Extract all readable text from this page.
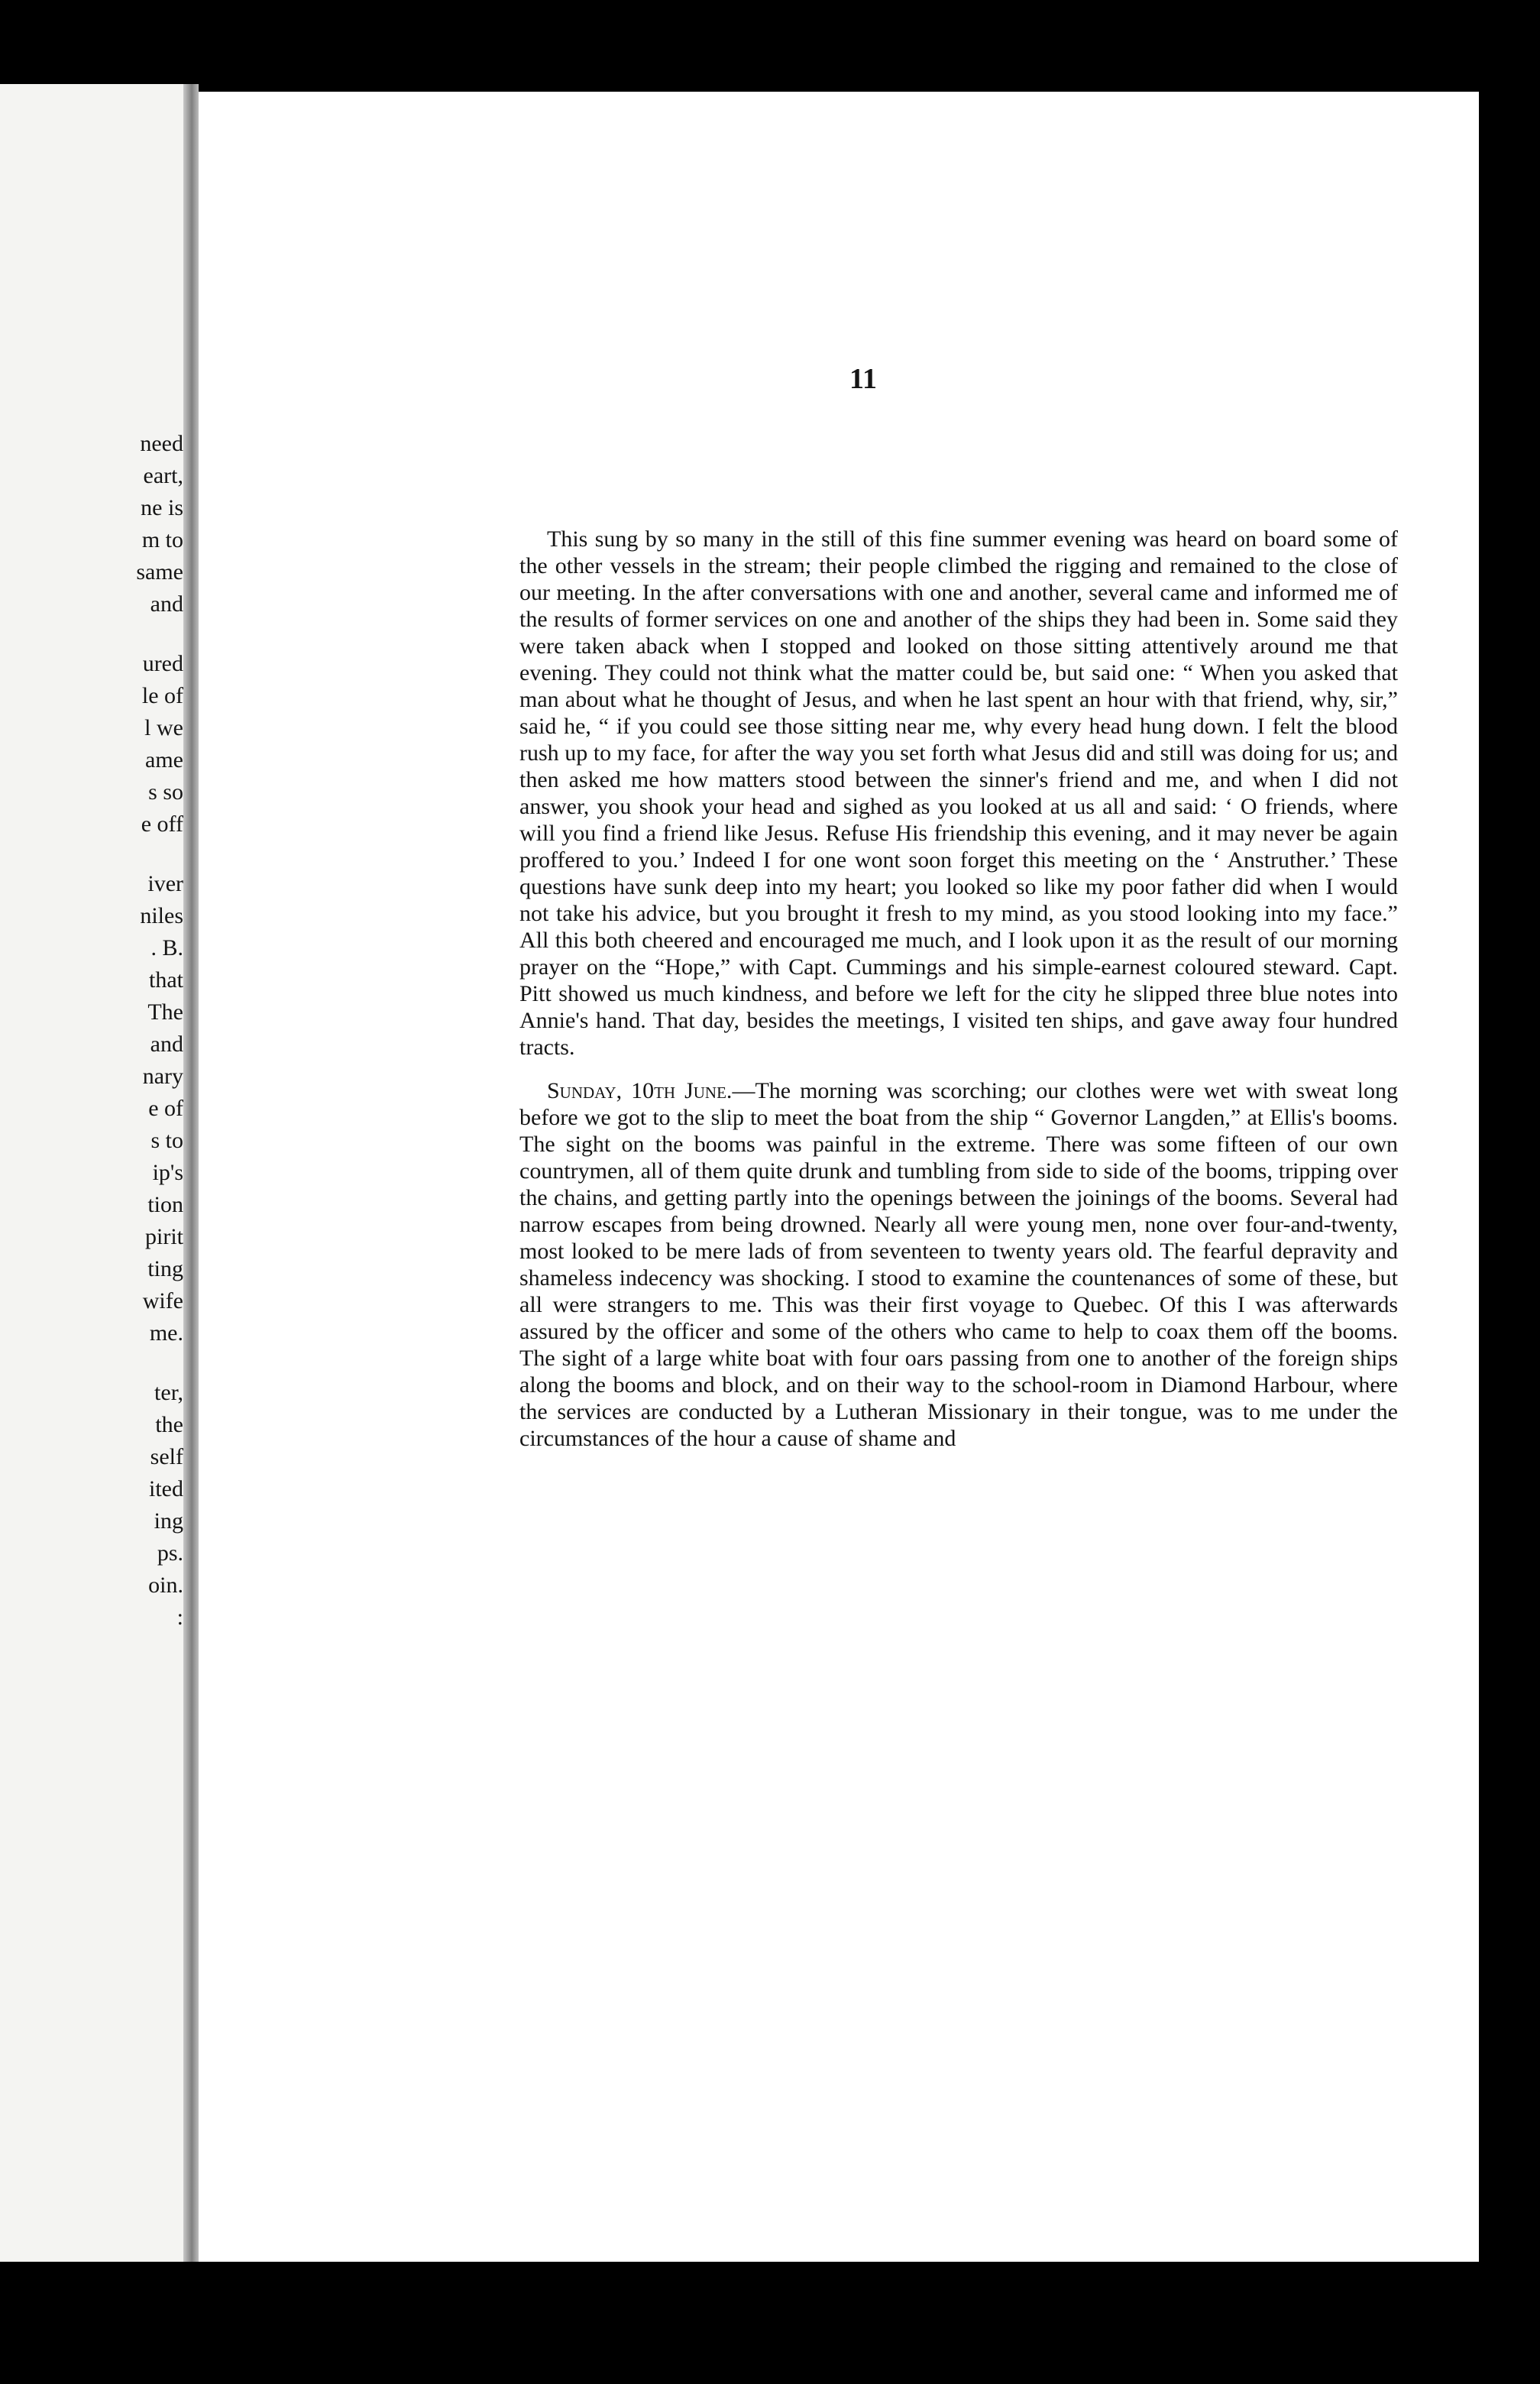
need
eart,
ne is
m to
same
and
ured
le of
l we
ame
s so
e off
iver
niles
. B.
that
The
and
nary
e of
s to
ip's
tion
pirit
ting
wife
me.
ter,
the
self
ited
ing
ps.
oin.
:
11

This sung by so many in the still of this fine summer evening was heard on board some of the other vessels in the stream; their people climbed the rigging and remained to the close of our meeting. In the after conversations with one and another, several came and informed me of the results of former services on one and another of the ships they had been in. Some said they were taken aback when I stopped and looked on those sitting attentively around me that evening. They could not think what the matter could be, but said one: “ When you asked that man about what he thought of Jesus, and when he last spent an hour with that friend, why, sir,” said he, “ if you could see those sitting near me, why every head hung down. I felt the blood rush up to my face, for after the way you set forth what Jesus did and still was doing for us; and then asked me how matters stood between the sinner's friend and me, and when I did not answer, you shook your head and sighed as you looked at us all and said: ‘ O friends, where will you find a friend like Jesus. Refuse His friendship this evening, and it may never be again proffered to you.’ Indeed I for one wont soon forget this meeting on the ‘ Anstruther.’ These questions have sunk deep into my heart; you looked so like my poor father did when I would not take his advice, but you brought it fresh to my mind, as you stood looking into my face.” All this both cheered and encouraged me much, and I look upon it as the result of our morning prayer on the “Hope,” with Capt. Cummings and his simple-earnest coloured steward. Capt. Pitt showed us much kindness, and before we left for the city he slipped three blue notes into Annie's hand. That day, besides the meetings, I visited ten ships, and gave away four hundred tracts.

Sunday, 10th June.—The morning was scorching; our clothes were wet with sweat long before we got to the slip to meet the boat from the ship “ Governor Langden,” at Ellis's booms. The sight on the booms was painful in the extreme. There was some fifteen of our own countrymen, all of them quite drunk and tumbling from side to side of the booms, tripping over the chains, and getting partly into the openings between the joinings of the booms. Several had narrow escapes from being drowned. Nearly all were young men, none over four-and-twenty, most looked to be mere lads of from seventeen to twenty years old. The fearful depravity and shameless indecency was shocking. I stood to examine the countenances of some of these, but all were strangers to me. This was their first voyage to Quebec. Of this I was afterwards assured by the officer and some of the others who came to help to coax them off the booms. The sight of a large white boat with four oars passing from one to another of the foreign ships along the booms and block, and on their way to the school-room in Diamond Harbour, where the services are conducted by a Lutheran Missionary in their tongue, was to me under the circumstances of the hour a cause of shame and
